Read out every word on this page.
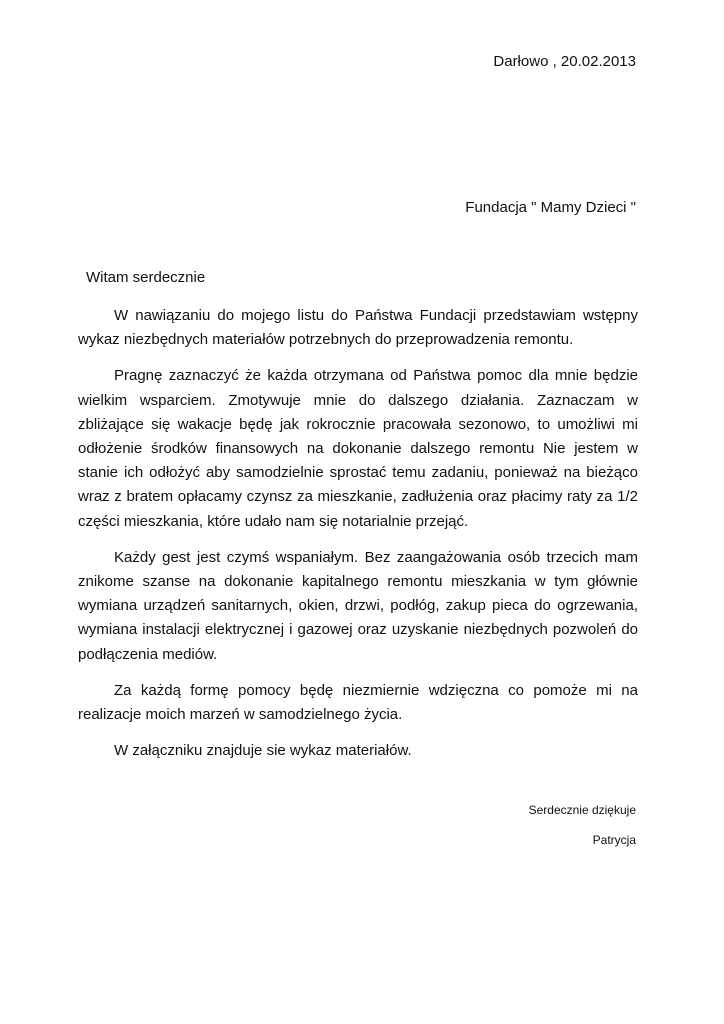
Darłowo , 20.02.2013
Fundacja " Mamy Dzieci "
Witam serdecznie

W nawiązaniu do mojego listu do Państwa Fundacji przedstawiam wstępny wykaz niezbędnych materiałów potrzebnych do przeprowadzenia remontu.

Pragnę zaznaczyć że każda otrzymana od Państwa pomoc dla mnie będzie wielkim wsparciem. Zmotywuje mnie do dalszego działania. Zaznaczam w zbliżające się wakacje będę jak rokrocznie pracowała sezonowo, to umożliwi mi odłożenie środków finansowych na dokonanie dalszego remontu Nie jestem w stanie ich odłożyć aby samodzielnie sprostać temu zadaniu, ponieważ na bieżąco wraz z bratem opłacamy czynsz za mieszkanie, zadłużenia oraz płacimy raty za 1/2 części mieszkania, które udało nam się notarialnie przejąć.

Każdy gest jest czymś wspaniałym. Bez zaangażowania osób trzecich mam znikome szanse na dokonanie kapitalnego remontu mieszkania w tym głównie wymiana urządzeń sanitarnych, okien, drzwi, podłóg, zakup pieca do ogrzewania, wymiana instalacji elektrycznej i gazowej oraz uzyskanie niezbędnych pozwoleń do podłączenia mediów.

Za każdą formę pomocy będę niezmiernie wdzięczna co pomoże mi na realizacje moich marzeń w samodzielnego życia.

W załączniku znajduje sie wykaz materiałów.

Serdecznie dziękuje
Patrycja
